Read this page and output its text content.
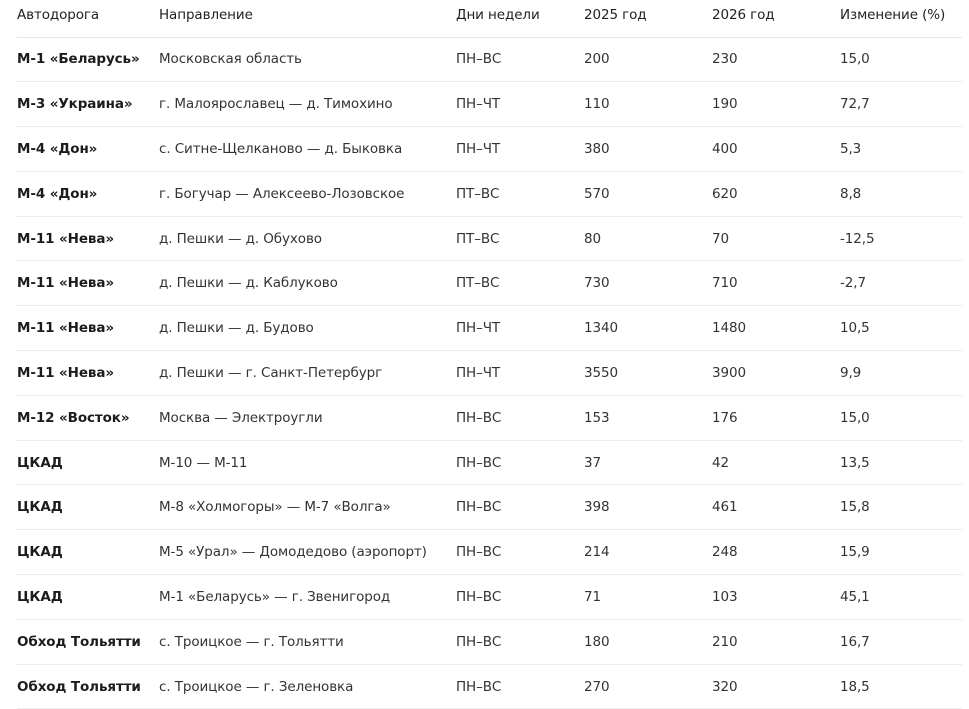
Автодорога	Направление	Дни недели	2025 год	2026 год	Изменение (%)
М-1 «Беларусь»	Московская область	ПН–ВС	200	230	15,0
М-3 «Украина»	г. Малоярославец — д. Тимохино	ПН–ЧТ	110	190	72,7
М-4 «Дон»	с. Ситне-Щелканово — д. Быковка	ПН–ЧТ	380	400	5,3
М-4 «Дон»	г. Богучар — Алексеево-Лозовское	ПТ–ВС	570	620	8,8
М-11 «Нева»	д. Пешки — д. Обухово	ПТ–ВС	80	70	-12,5
М-11 «Нева»	д. Пешки — д. Каблуково	ПТ–ВС	730	710	-2,7
М-11 «Нева»	д. Пешки — д. Будово	ПН–ЧТ	1340	1480	10,5
М-11 «Нева»	д. Пешки — г. Санкт-Петербург	ПН–ЧТ	3550	3900	9,9
М-12 «Восток»	Москва — Электроугли	ПН–ВС	153	176	15,0
ЦКАД	М-10 — М-11	ПН–ВС	37	42	13,5
ЦКАД	М-8 «Холмогоры» — М-7 «Волга»	ПН–ВС	398	461	15,8
ЦКАД	М-5 «Урал» — Домодедово (аэропорт)	ПН–ВС	214	248	15,9
ЦКАД	М-1 «Беларусь» — г. Звенигород	ПН–ВС	71	103	45,1
Обход Тольятти	с. Троицкое — г. Тольятти	ПН–ВС	180	210	16,7
Обход Тольятти	с. Троицкое — г. Зеленовка	ПН–ВС	270	320	18,5
